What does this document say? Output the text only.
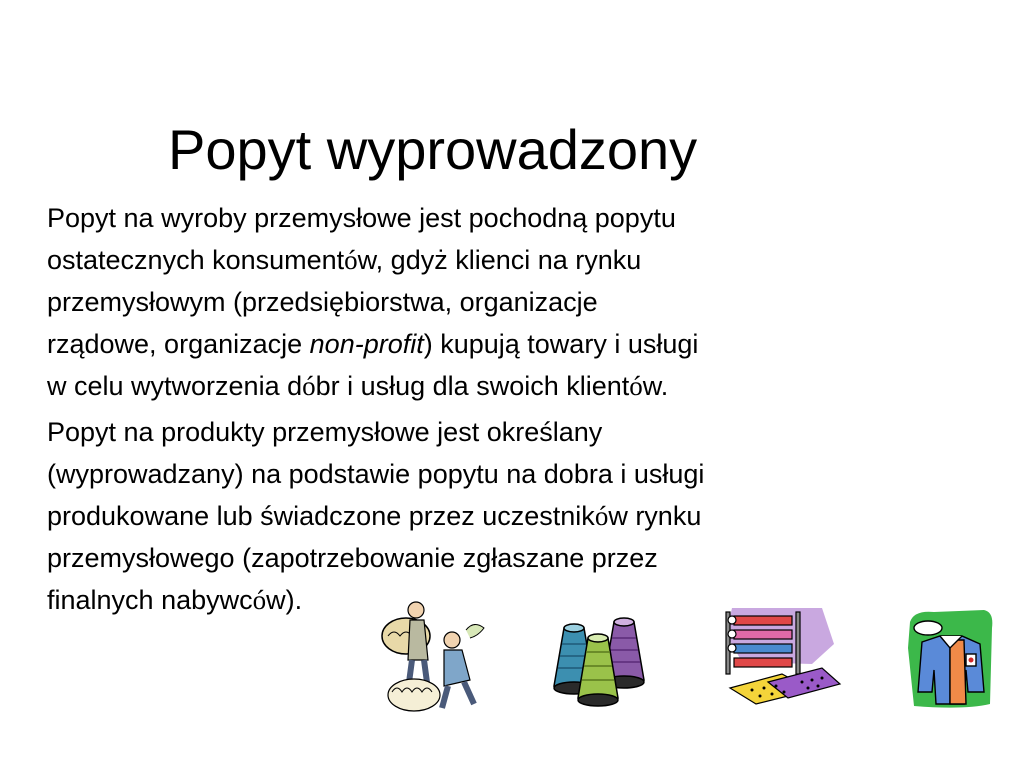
Popyt wyprowadzony
Popyt na wyroby przemysłowe jest pochodną popytu
ostatecznych konsumentów, gdyż klienci na rynku
przemysłowym (przedsiębiorstwa, organizacje
rządowe, organizacje non-profit) kupują towary i usługi
w celu wytworzenia dóbr i usług dla swoich klientów.
Popyt na produkty przemysłowe jest określany
(wyprowadzany) na podstawie popytu na dobra i usługi
produkowane lub świadczone przez uczestników rynku
przemysłowego (zapotrzebowanie zgłaszane przez
finalnych nabywców).
